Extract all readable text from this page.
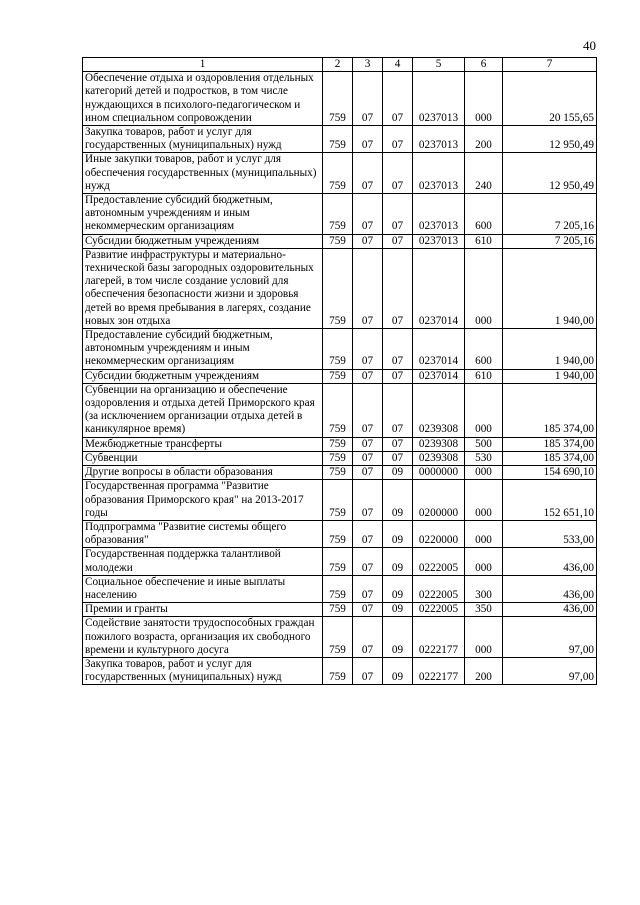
40
1	2	3	4	5	6	7
Обеспечение отдыха и оздоровления отдельных категорий детей и подростков, в том числе нуждающихся в психолого-педагогическом и ином специальном сопровождении	759	07	07	0237013	000	20 155,65
Закупка товаров, работ и услуг для государственных (муниципальных) нужд	759	07	07	0237013	200	12 950,49
Иные закупки товаров, работ и услуг для обеспечения государственных (муниципальных) нужд	759	07	07	0237013	240	12 950,49
Предоставление субсидий бюджетным, автономным учреждениям и иным некоммерческим организациям	759	07	07	0237013	600	7 205,16
Субсидии бюджетным учреждениям	759	07	07	0237013	610	7 205,16
Развитие инфраструктуры и материально-технической базы загородных оздоровительных лагерей, в том числе создание условий для обеспечения безопасности жизни и здоровья детей во время пребывания в лагерях, создание новых зон отдыха	759	07	07	0237014	000	1 940,00
Предоставление субсидий бюджетным, автономным учреждениям и иным некоммерческим организациям	759	07	07	0237014	600	1 940,00
Субсидии бюджетным учреждениям	759	07	07	0237014	610	1 940,00
Субвенции на организацию и обеспечение оздоровления и отдыха детей Приморского края (за исключением организации отдыха детей в каникулярное время)	759	07	07	0239308	000	185 374,00
Межбюджетные трансферты	759	07	07	0239308	500	185 374,00
Субвенции	759	07	07	0239308	530	185 374,00
Другие вопросы в области образования	759	07	09	0000000	000	154 690,10
Государственная программа "Развитие образования Приморского края" на 2013-2017 годы	759	07	09	0200000	000	152 651,10
Подпрограмма "Развитие системы общего образования"	759	07	09	0220000	000	533,00
Государственная поддержка талантливой молодежи	759	07	09	0222005	000	436,00
Социальное обеспечение и иные выплаты населению	759	07	09	0222005	300	436,00
Премии и гранты	759	07	09	0222005	350	436,00
Содействие занятости трудоспособных граждан пожилого возраста, организация их свободного времени и культурного досуга	759	07	09	0222177	000	97,00
Закупка товаров, работ и услуг для государственных (муниципальных) нужд	759	07	09	0222177	200	97,00
